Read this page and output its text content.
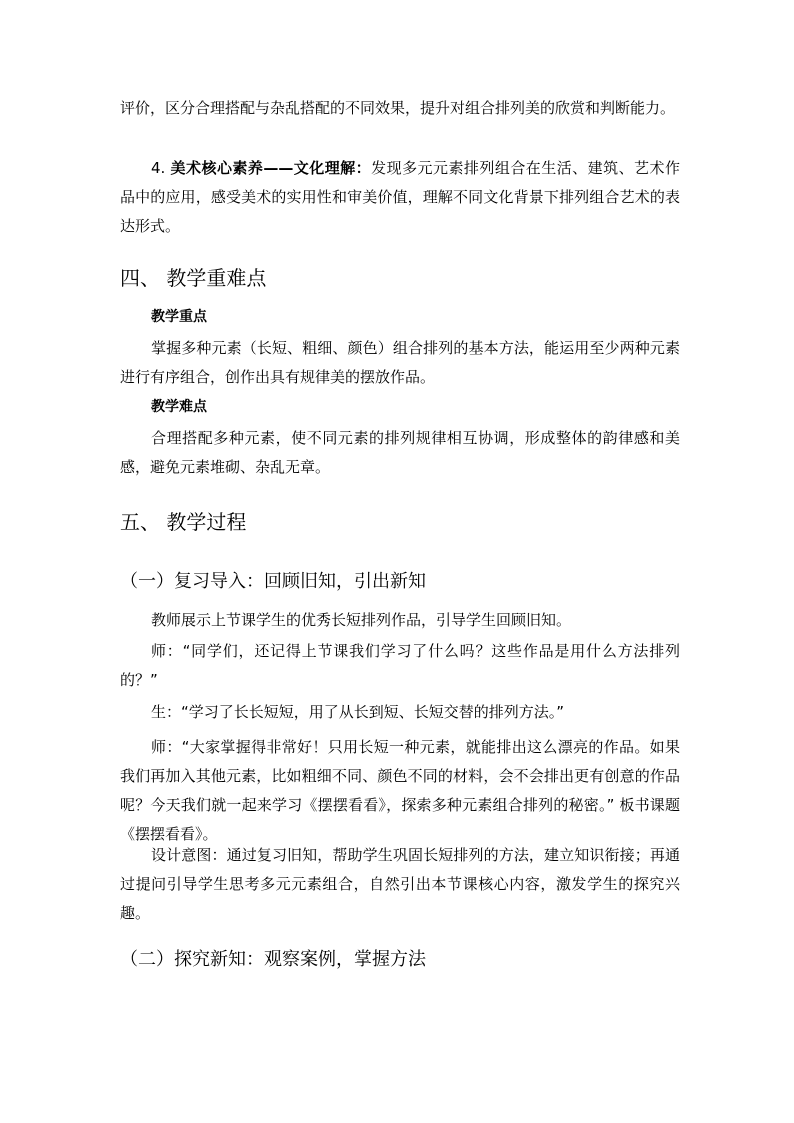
评价，区分合理搭配与杂乱搭配的不同效果，提升对组合排列美的欣赏和判断能力。
4. 美术核心素养——文化理解：发现多元元素排列组合在生活、建筑、艺术作品中的应用，感受美术的实用性和审美价值，理解不同文化背景下排列组合艺术的表达形式。
四、 教学重难点
教学重点
掌握多种元素（长短、粗细、颜色）组合排列的基本方法，能运用至少两种元素进行有序组合，创作出具有规律美的摆放作品。
教学难点
合理搭配多种元素，使不同元素的排列规律相互协调，形成整体的韵律感和美感，避免元素堆砌、杂乱无章。
五、 教学过程
（一）复习导入：回顾旧知，引出新知
教师展示上节课学生的优秀长短排列作品，引导学生回顾旧知。
师：“同学们，还记得上节课我们学习了什么吗？这些作品是用什么方法排列的？”
生：“学习了长长短短，用了从长到短、长短交替的排列方法。”
师：“大家掌握得非常好！只用长短一种元素，就能排出这么漂亮的作品。如果我们再加入其他元素，比如粗细不同、颜色不同的材料，会不会排出更有创意的作品呢？今天我们就一起来学习《摆摆看看》，探索多种元素组合排列的秘密。” 板书课题《摆摆看看》。
设计意图：通过复习旧知，帮助学生巩固长短排列的方法，建立知识衔接；再通过提问引导学生思考多元元素组合，自然引出本节课核心内容，激发学生的探究兴趣。
（二）探究新知：观察案例，掌握方法
